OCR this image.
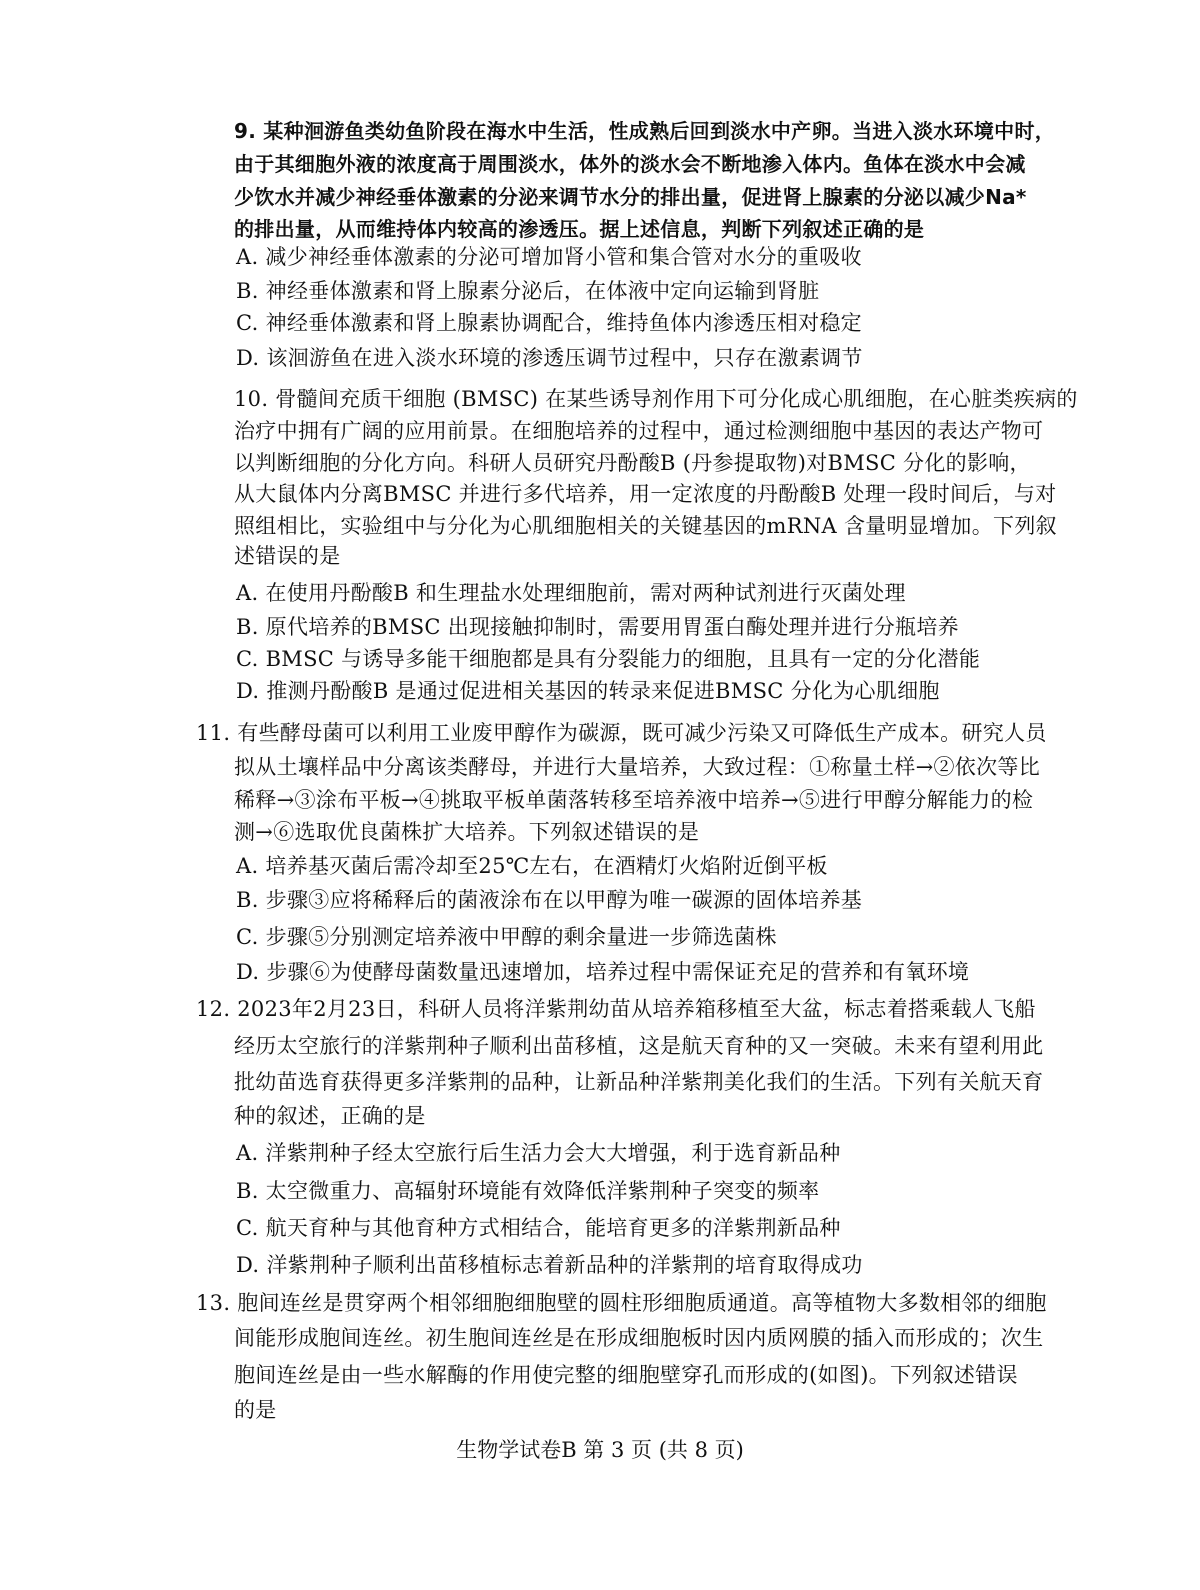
9. 某种洄游鱼类幼鱼阶段在海水中生活，性成熟后回到淡水中产卵。当进入淡水环境中时，
由于其细胞外液的浓度高于周围淡水，体外的淡水会不断地渗入体内。鱼体在淡水中会减
少饮水并减少神经垂体激素的分泌来调节水分的排出量，促进肾上腺素的分泌以减少Na*
的排出量，从而维持体内较高的渗透压。据上述信息，判断下列叙述正确的是
A. 减少神经垂体激素的分泌可增加肾小管和集合管对水分的重吸收
B. 神经垂体激素和肾上腺素分泌后，在体液中定向运输到肾脏
C. 神经垂体激素和肾上腺素协调配合，维持鱼体内渗透压相对稳定
D. 该洄游鱼在进入淡水环境的渗透压调节过程中，只存在激素调节
10. 骨髓间充质干细胞 (BMSC) 在某些诱导剂作用下可分化成心肌细胞，在心脏类疾病的
治疗中拥有广阔的应用前景。在细胞培养的过程中，通过检测细胞中基因的表达产物可
以判断细胞的分化方向。科研人员研究丹酚酸B (丹参提取物)对BMSC 分化的影响，
从大鼠体内分离BMSC 并进行多代培养，用一定浓度的丹酚酸B 处理一段时间后，与对
照组相比，实验组中与分化为心肌细胞相关的关键基因的mRNA 含量明显增加。下列叙
述错误的是
A. 在使用丹酚酸B 和生理盐水处理细胞前，需对两种试剂进行灭菌处理
B. 原代培养的BMSC 出现接触抑制时，需要用胃蛋白酶处理并进行分瓶培养
C. BMSC 与诱导多能干细胞都是具有分裂能力的细胞，且具有一定的分化潜能
D. 推测丹酚酸B 是通过促进相关基因的转录来促进BMSC 分化为心肌细胞
11. 有些酵母菌可以利用工业废甲醇作为碳源，既可减少污染又可降低生产成本。研究人员
拟从土壤样品中分离该类酵母，并进行大量培养，大致过程：①称量土样→②依次等比
稀释→③涂布平板→④挑取平板单菌落转移至培养液中培养→⑤进行甲醇分解能力的检
测→⑥选取优良菌株扩大培养。下列叙述错误的是
A. 培养基灭菌后需冷却至25℃左右，在酒精灯火焰附近倒平板
B. 步骤③应将稀释后的菌液涂布在以甲醇为唯一碳源的固体培养基
C. 步骤⑤分别测定培养液中甲醇的剩余量进一步筛选菌株
D. 步骤⑥为使酵母菌数量迅速增加，培养过程中需保证充足的营养和有氧环境
12. 2023年2月23日，科研人员将洋紫荆幼苗从培养箱移植至大盆，标志着搭乘载人飞船
经历太空旅行的洋紫荆种子顺利出苗移植，这是航天育种的又一突破。未来有望利用此
批幼苗选育获得更多洋紫荆的品种，让新品种洋紫荆美化我们的生活。下列有关航天育
种的叙述，正确的是
A. 洋紫荆种子经太空旅行后生活力会大大增强，利于选育新品种
B. 太空微重力、高辐射环境能有效降低洋紫荆种子突变的频率
C. 航天育种与其他育种方式相结合，能培育更多的洋紫荆新品种
D. 洋紫荆种子顺利出苗移植标志着新品种的洋紫荆的培育取得成功
13. 胞间连丝是贯穿两个相邻细胞细胞壁的圆柱形细胞质通道。高等植物大多数相邻的细胞
间能形成胞间连丝。初生胞间连丝是在形成细胞板时因内质网膜的插入而形成的；次生
胞间连丝是由一些水解酶的作用使完整的细胞壁穿孔而形成的(如图)。下列叙述错误
的是
生物学试卷B 第 3 页 (共 8 页)
